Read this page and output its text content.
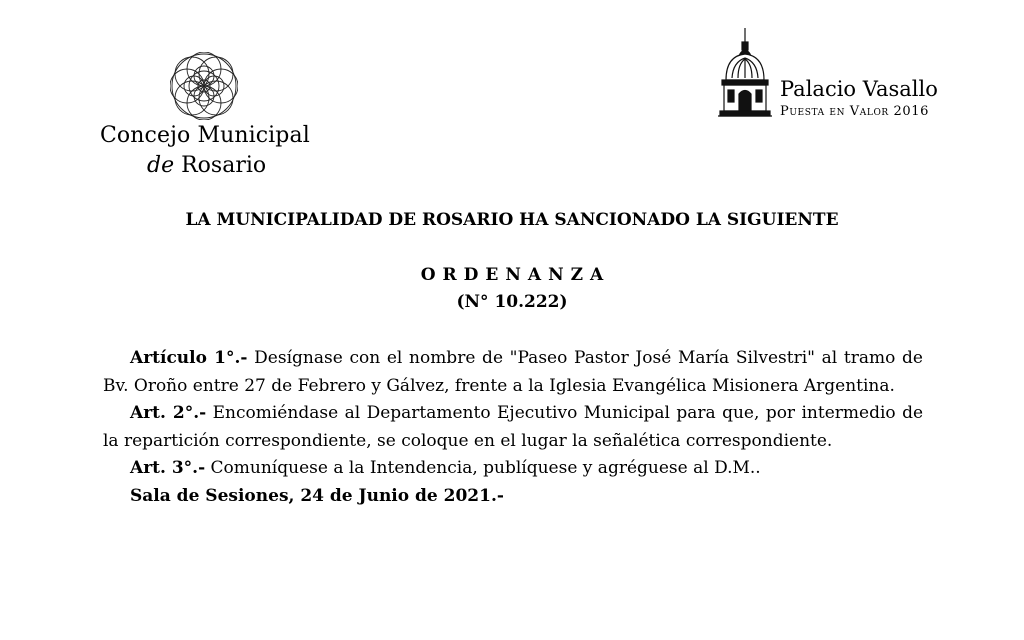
Concejo Municipal
de Rosario
Palacio Vasallo
Puesta en Valor 2016
LA MUNICIPALIDAD DE ROSARIO HA SANCIONADO LA SIGUIENTE
ORDENANZA
(N° 10.222)

Artículo 1°.- Desígnase con el nombre de "Paseo Pastor José María Silvestri" al tramo de Bv. Oroño entre 27 de Febrero y Gálvez, frente a la Iglesia Evangélica Misionera Argentina.

Art. 2°.- Encomiéndase al Departamento Ejecutivo Municipal para que, por intermedio de la repartición correspondiente, se coloque en el lugar la señalética correspondiente.

Art. 3°.- Comuníquese a la Intendencia, publíquese y agréguese al D.M..

Sala de Sesiones, 24 de Junio de 2021.-
